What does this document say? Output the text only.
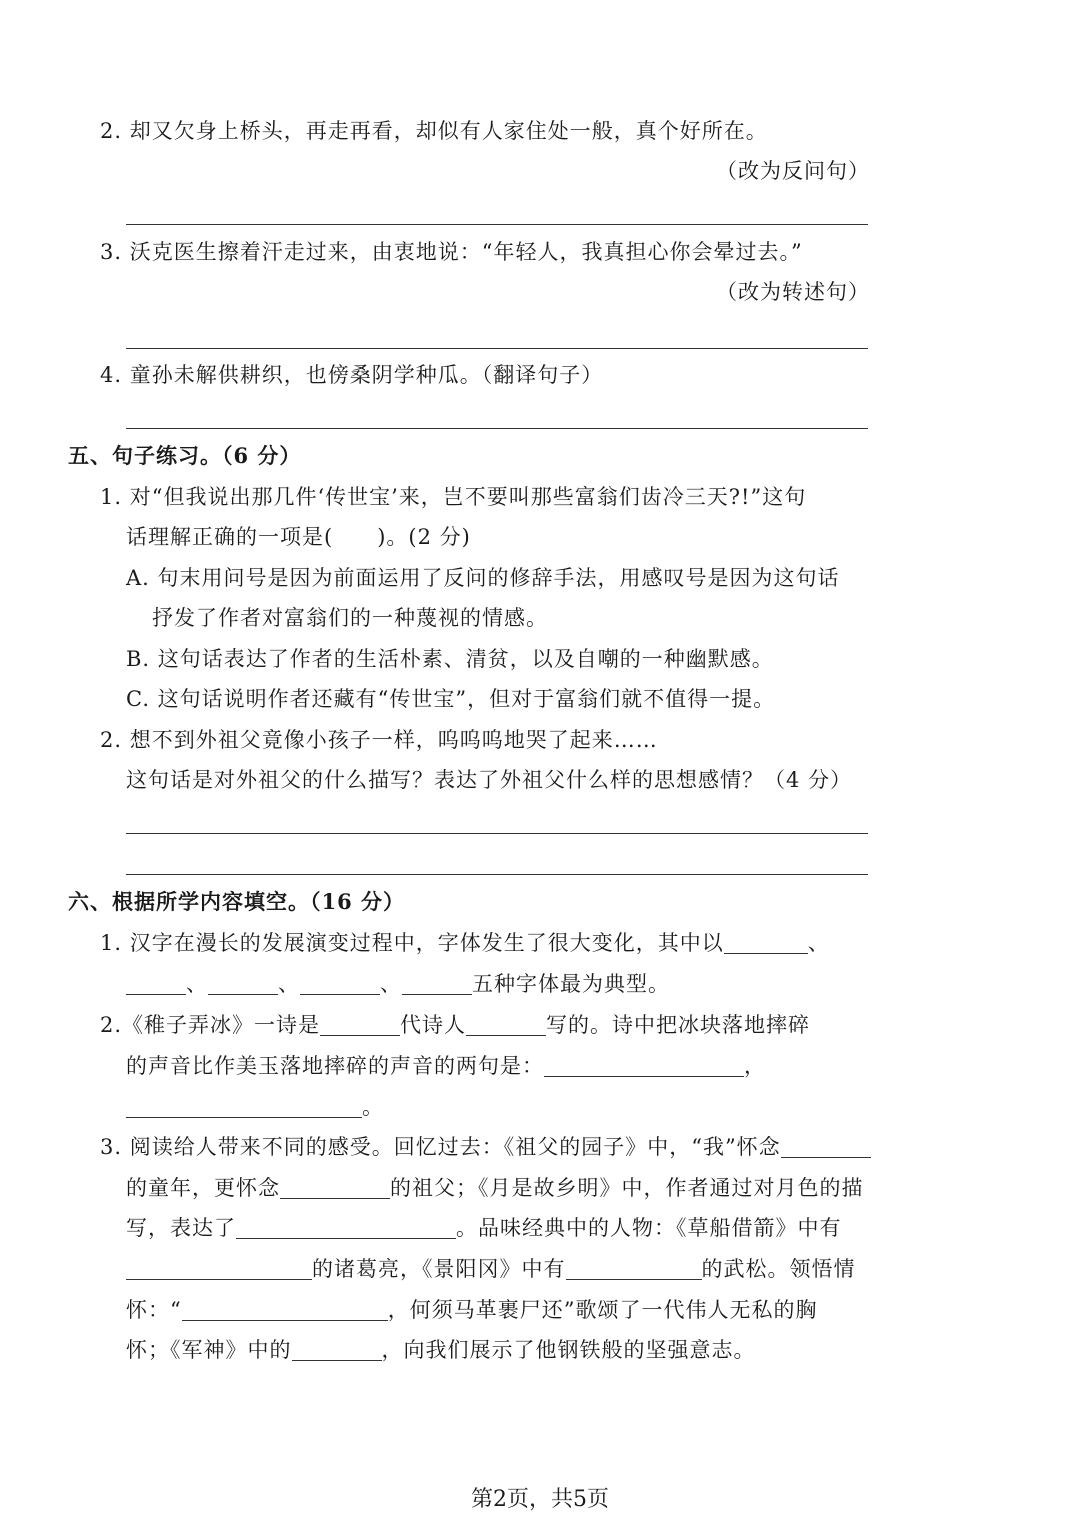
2. 却又欠身上桥头，再走再看，却似有人家住处一般，真个好所在。
（改为反问句）
3. 沃克医生擦着汗走过来，由衷地说：“年轻人，我真担心你会晕过去。”
（改为转述句）
4. 童孙未解供耕织，也傍桑阴学种瓜。（翻译句子）
五、句子练习。（6 分）
1. 对“但我说出那几件‘传世宝’来，岂不要叫那些富翁们齿冷三天?!”这句
话理解正确的一项是(　　)。(2 分)
A. 句末用问号是因为前面运用了反问的修辞手法，用感叹号是因为这句话
抒发了作者对富翁们的一种蔑视的情感。
B. 这句话表达了作者的生活朴素、清贫，以及自嘲的一种幽默感。
C. 这句话说明作者还藏有“传世宝”，但对于富翁们就不值得一提。
2. 想不到外祖父竟像小孩子一样，呜呜呜地哭了起来……
这句话是对外祖父的什么描写？表达了外祖父什么样的思想感情？（4 分）
六、根据所学内容填空。（16 分）
1. 汉字在漫长的发展演变过程中，字体发生了很大变化，其中以	、
、	、	、	五种字体最为典型。
2.《稚子弄冰》一诗是	代诗人	写的。诗中把冰块落地摔碎
的声音比作美玉落地摔碎的声音的两句是：	，
。
3. 阅读给人带来不同的感受。回忆过去：《祖父的园子》中，“我”怀念
的童年，更怀念	的祖父；《月是故乡明》中，作者通过对月色的描
写，表达了	。品味经典中的人物：《草船借箭》中有
的诸葛亮，《景阳冈》中有	的武松。领悟情
怀：“	，何须马革裹尸还”歌颂了一代伟人无私的胸
怀；《军神》中的	，向我们展示了他钢铁般的坚强意志。
第2页，共5页
